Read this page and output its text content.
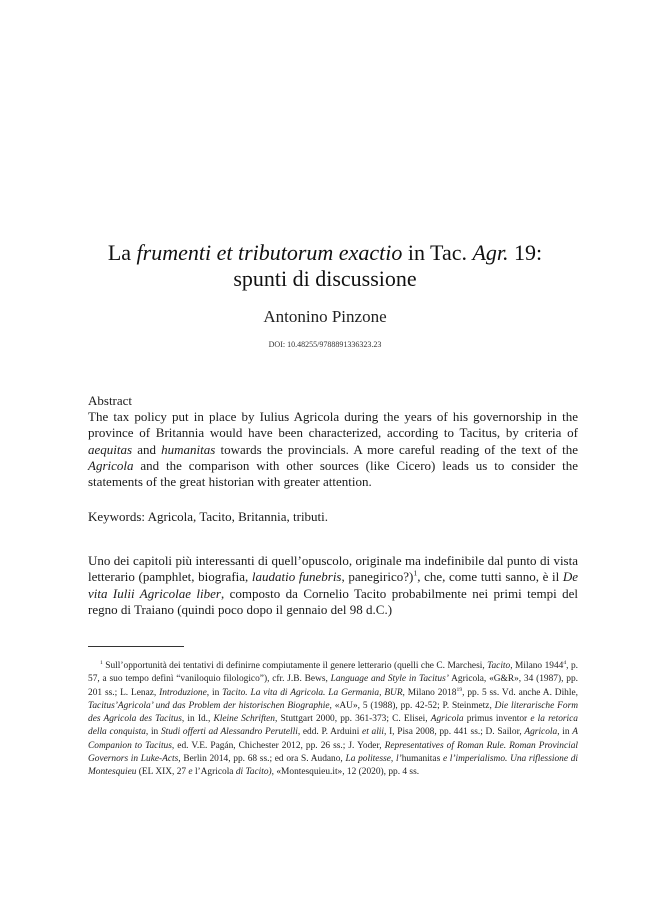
La frumenti et tributorum exactio in Tac. Agr. 19:
spunti di discussione
Antonino Pinzone
DOI: 10.48255/9788891336323.23
Abstract
The tax policy put in place by Iulius Agricola during the years of his governorship in the province of Britannia would have been characterized, according to Tacitus, by criteria of aequitas and humanitas towards the provincials. A more careful reading of the text of the Agricola and the comparison with other sources (like Cicero) leads us to consider the statements of the great historian with greater attention.
Keywords: Agricola, Tacito, Britannia, tributi.
Uno dei capitoli più interessanti di quell’opuscolo, originale ma indefinibile dal punto di vista letterario (pamphlet, biografia, laudatio funebris, panegirico?)$^1$, che, come tutti sanno, è il De vita Iulii Agricolae liber, composto da Cornelio Tacito probabilmente nei primi tempi del regno di Traiano (quindi poco dopo il gennaio del 98 d.C.)
$^1$ Sull’opportunità dei tentativi di definirne compiutamente il genere letterario (quelli che C. Marchesi, Tacito, Milano 1944$^4$, p. 57, a suo tempo definì “vaniloquio filologico”), cfr. J.B. Bews, Language and Style in Tacitus’ Agricola, «G&R», 34 (1987), pp. 201 ss.; L. Lenaz, Introduzione, in Tacito. La vita di Agricola. La Germania, BUR, Milano 2018$^{19}$, pp. 5 ss. Vd. anche A. Dihle, Tacitus’Agricola’ und das Problem der historischen Biographie, «AU», 5 (1988), pp. 42-52; P. Steinmetz, Die literarische Form des Agricola des Tacitus, in Id., Kleine Schriften, Stuttgart 2000, pp. 361-373; C. Elisei, Agricola primus inventor e la retorica della conquista, in Studi offerti ad Alessandro Perutelli, edd. P. Arduini et alii, I, Pisa 2008, pp. 441 ss.; D. Sailor, Agricola, in A Companion to Tacitus, ed. V.E. Pagán, Chichester 2012, pp. 26 ss.; J. Yoder, Representatives of Roman Rule. Roman Provincial Governors in Luke-Acts, Berlin 2014, pp. 68 ss.; ed ora S. Audano, La politesse, l’humanitas e l’imperialismo. Una riflessione di Montesquieu (EL XIX, 27 e l’Agricola di Tacito), «Montesquieu.it», 12 (2020), pp. 4 ss.
